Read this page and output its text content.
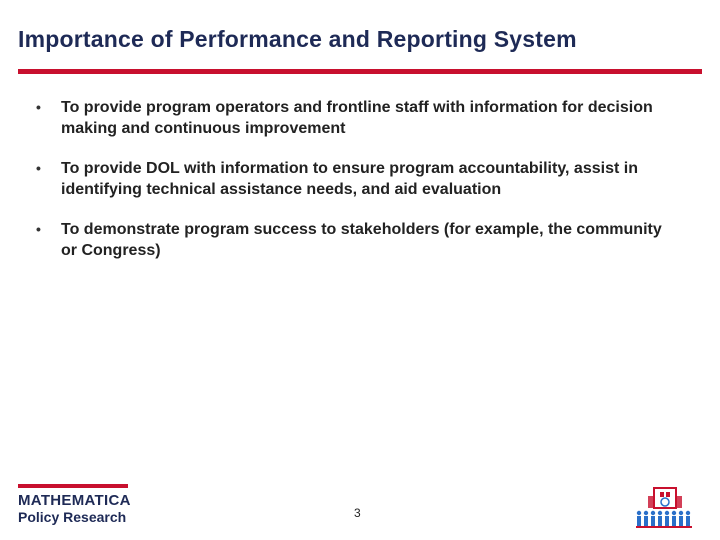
Importance of Performance and Reporting System
• To provide program operators and frontline staff with information for decision making and continuous improvement
• To provide DOL with information to ensure program accountability, assist in identifying technical assistance needs, and aid evaluation
• To demonstrate program success to stakeholders (for example, the community or Congress)
MATHEMATICA
Policy Research	3
